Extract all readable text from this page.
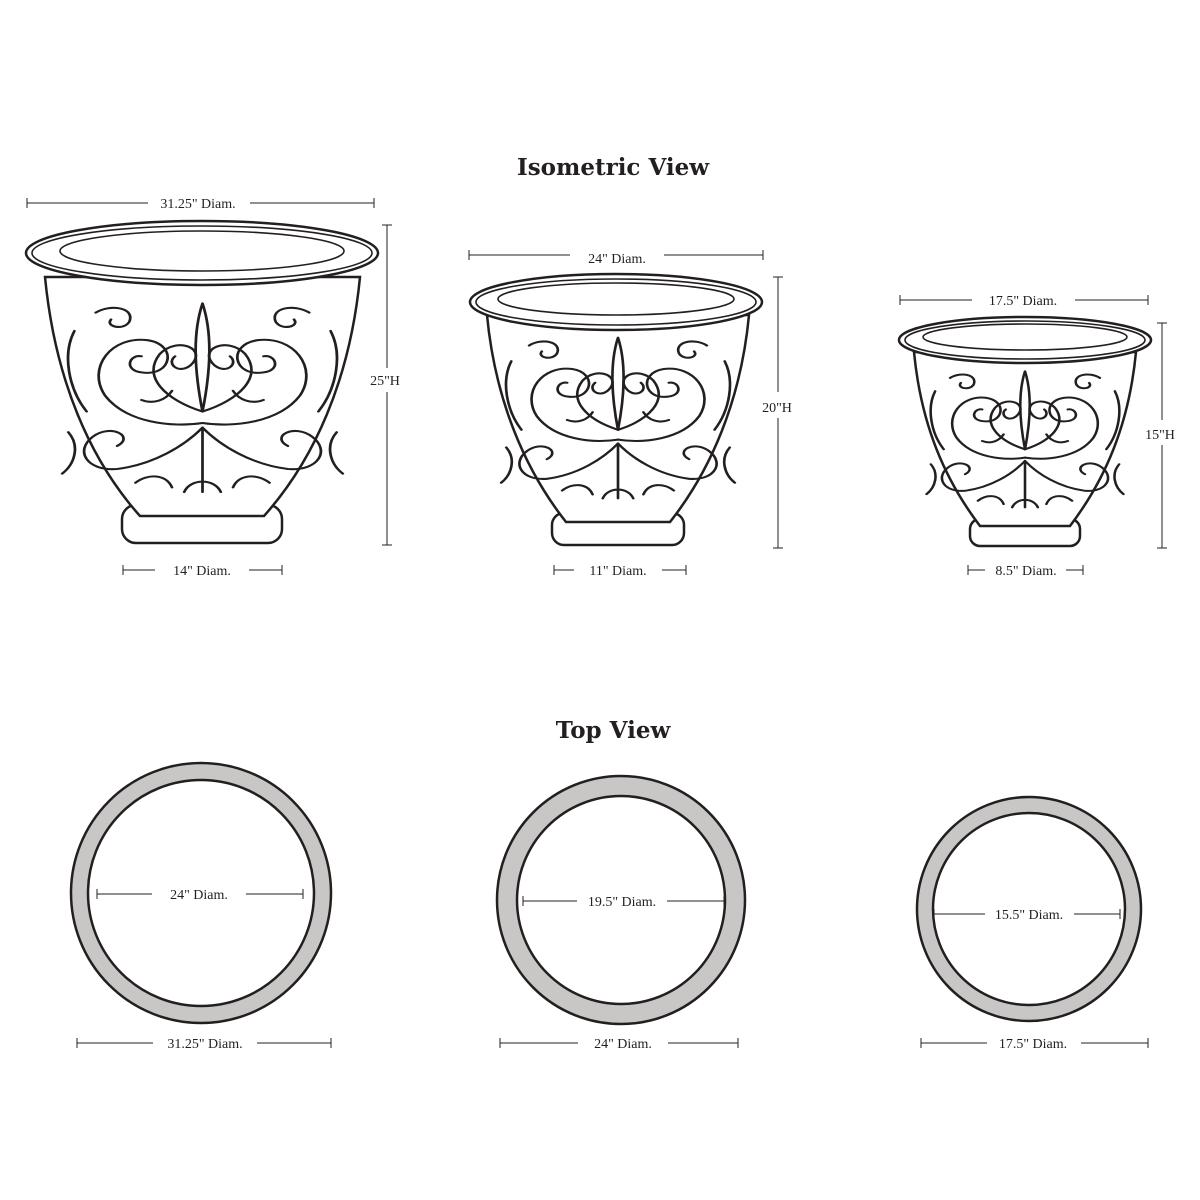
Isometric View
Top View
31.25" Diam.
25"H
14" Diam.
24" Diam.
20"H
11" Diam.
17.5" Diam.
15"H
8.5" Diam.
24" Diam.
31.25" Diam.
19.5" Diam.
24" Diam.
15.5" Diam.
17.5" Diam.
